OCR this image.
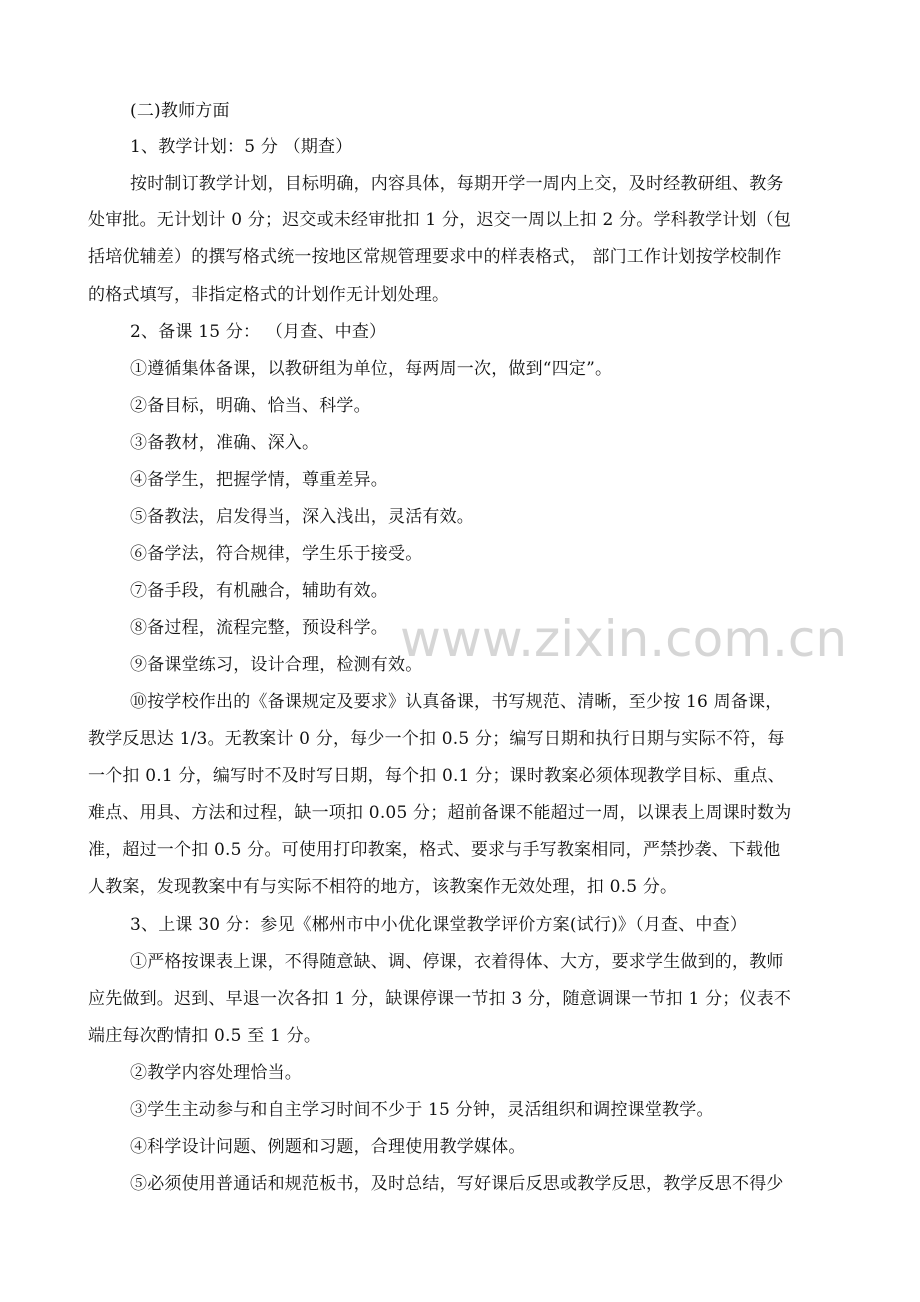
www.zixin.com.cn
(二)教师方面
1、教学计划：5 分 （期查）
按时制订教学计划，目标明确，内容具体，每期开学一周内上交，及时经教研组、教务
处审批。无计划计 0 分；迟交或未经审批扣 1 分，迟交一周以上扣 2 分。学科教学计划（包
括培优辅差）的撰写格式统一按地区常规管理要求中的样表格式， 部门工作计划按学校制作
的格式填写，非指定格式的计划作无计划处理。
2、备课 15 分： （月查、中查）
①遵循集体备课，以教研组为单位，每两周一次，做到“四定”。
②备目标，明确、恰当、科学。
③备教材，准确、深入。
④备学生，把握学情，尊重差异。
⑤备教法，启发得当，深入浅出，灵活有效。
⑥备学法，符合规律，学生乐于接受。
⑦备手段，有机融合，辅助有效。
⑧备过程，流程完整，预设科学。
⑨备课堂练习，设计合理，检测有效。
⑩按学校作出的《备课规定及要求》认真备课，书写规范、清晰，至少按 16 周备课，
教学反思达 1/3。无教案计 0 分，每少一个扣 0.5 分；编写日期和执行日期与实际不符，每
一个扣 0.1 分，编写时不及时写日期，每个扣 0.1 分；课时教案必须体现教学目标、重点、
难点、用具、方法和过程，缺一项扣 0.05 分；超前备课不能超过一周，以课表上周课时数为
准，超过一个扣 0.5 分。可使用打印教案，格式、要求与手写教案相同，严禁抄袭、下载他
人教案，发现教案中有与实际不相符的地方，该教案作无效处理，扣 0.5 分。
3、上课 30 分：参见《郴州市中小优化课堂教学评价方案(试行)》（月查、中查）
①严格按课表上课，不得随意缺、调、停课，衣着得体、大方，要求学生做到的，教师
应先做到。迟到、早退一次各扣 1 分，缺课停课一节扣 3 分，随意调课一节扣 1 分；仪表不
端庄每次酌情扣 0.5 至 1 分。
②教学内容处理恰当。
③学生主动参与和自主学习时间不少于 15 分钟，灵活组织和调控课堂教学。
④科学设计问题、例题和习题，合理使用教学媒体。
⑤必须使用普通话和规范板书，及时总结，写好课后反思或教学反思，教学反思不得少
